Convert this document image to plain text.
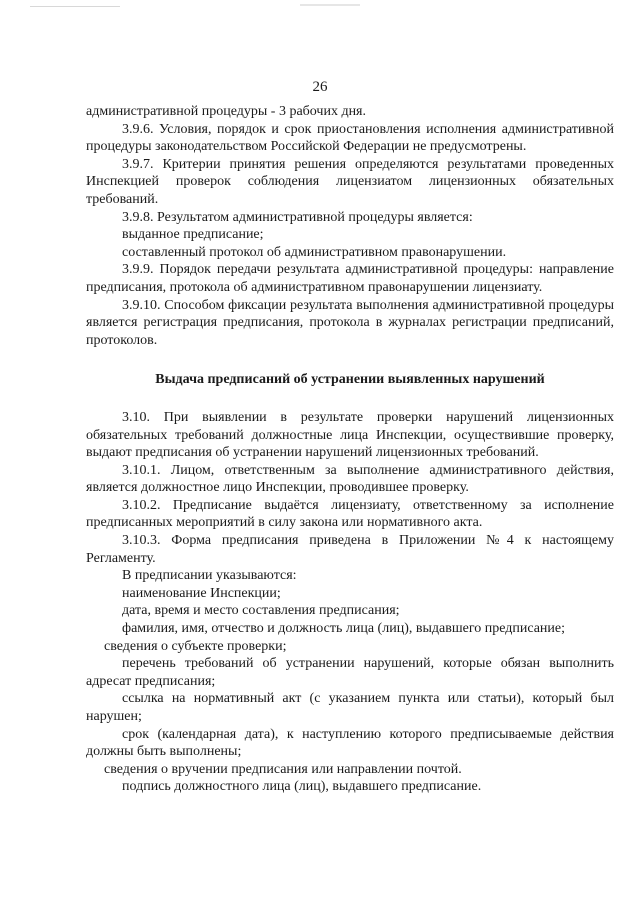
26

административной процедуры - 3 рабочих дня.

3.9.6. Условия, порядок и срок приостановления исполнения административной процедуры законодательством Российской Федерации не предусмотрены.

3.9.7. Критерии принятия решения определяются результатами проведенных Инспекцией проверок соблюдения лицензиатом лицензионных обязательных требований.

3.9.8. Результатом административной процедуры является:

выданное предписание;

составленный протокол об административном правонарушении.

3.9.9. Порядок передачи результата административной процедуры: направление предписания, протокола об административном правонарушении лицензиату.

3.9.10. Способом фиксации результата выполнения административной процедуры является регистрация предписания, протокола в журналах регистрации предписаний, протоколов.

Выдача предписаний об устранении выявленных нарушений

3.10. При выявлении в результате проверки нарушений лицензионных обязательных требований должностные лица Инспекции, осуществившие проверку, выдают предписания об устранении нарушений лицензионных требований.

3.10.1. Лицом, ответственным за выполнение административного действия, является должностное лицо Инспекции, проводившее проверку.

3.10.2. Предписание выдаётся лицензиату, ответственному за исполнение предписанных мероприятий в силу закона или нормативного акта.

3.10.3. Форма предписания приведена в Приложении №4 к настоящему Регламенту.

В предписании указываются:

наименование Инспекции;

дата, время и место составления предписания;

фамилия, имя, отчество и должность лица (лиц), выдавшего предписание;

сведения о субъекте проверки;

перечень требований об устранении нарушений, которые обязан выполнить адресат предписания;

ссылка на нормативный акт (с указанием пункта или статьи), который был нарушен;

срок (календарная дата), к наступлению которого предписываемые действия должны быть выполнены;

сведения о вручении предписания или направлении почтой.

подпись должностного лица (лиц), выдавшего предписание.
